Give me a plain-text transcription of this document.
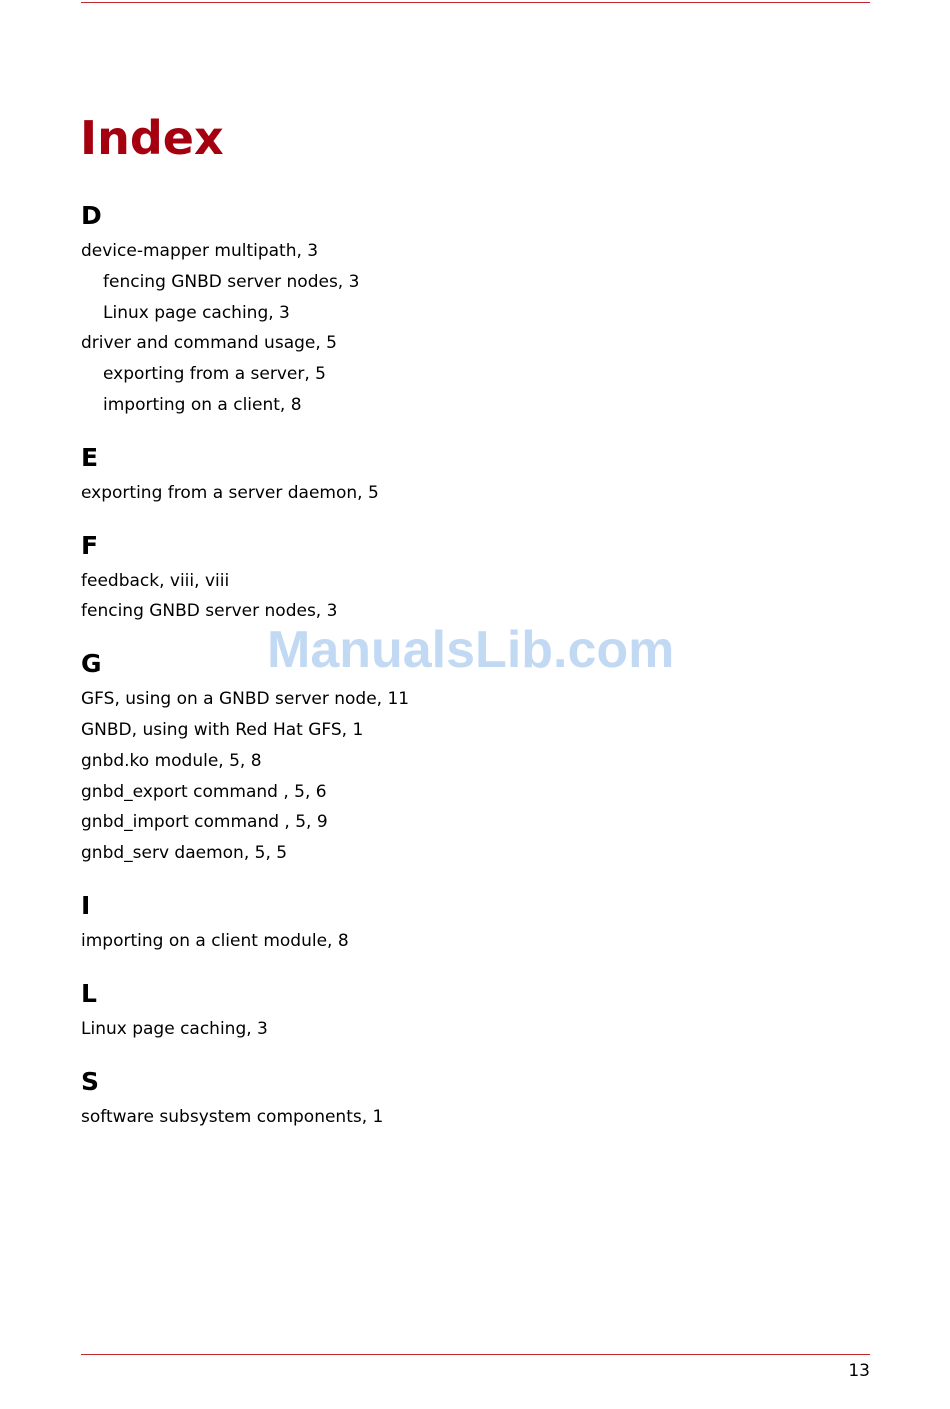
Index
D
device-mapper multipath, 3
fencing GNBD server nodes, 3
Linux page caching, 3
driver and command usage, 5
exporting from a server, 5
importing on a client, 8
E
exporting from a server daemon, 5
F
feedback, viii, viii
fencing GNBD server nodes, 3
G
GFS, using on a GNBD server node, 11
GNBD, using with Red Hat GFS, 1
gnbd.ko module, 5, 8
gnbd_export command , 5, 6
gnbd_import command , 5, 9
gnbd_serv daemon, 5, 5
I
importing on a client module, 8
L
Linux page caching, 3
S
software subsystem components, 1
ManualsLib.com
13
